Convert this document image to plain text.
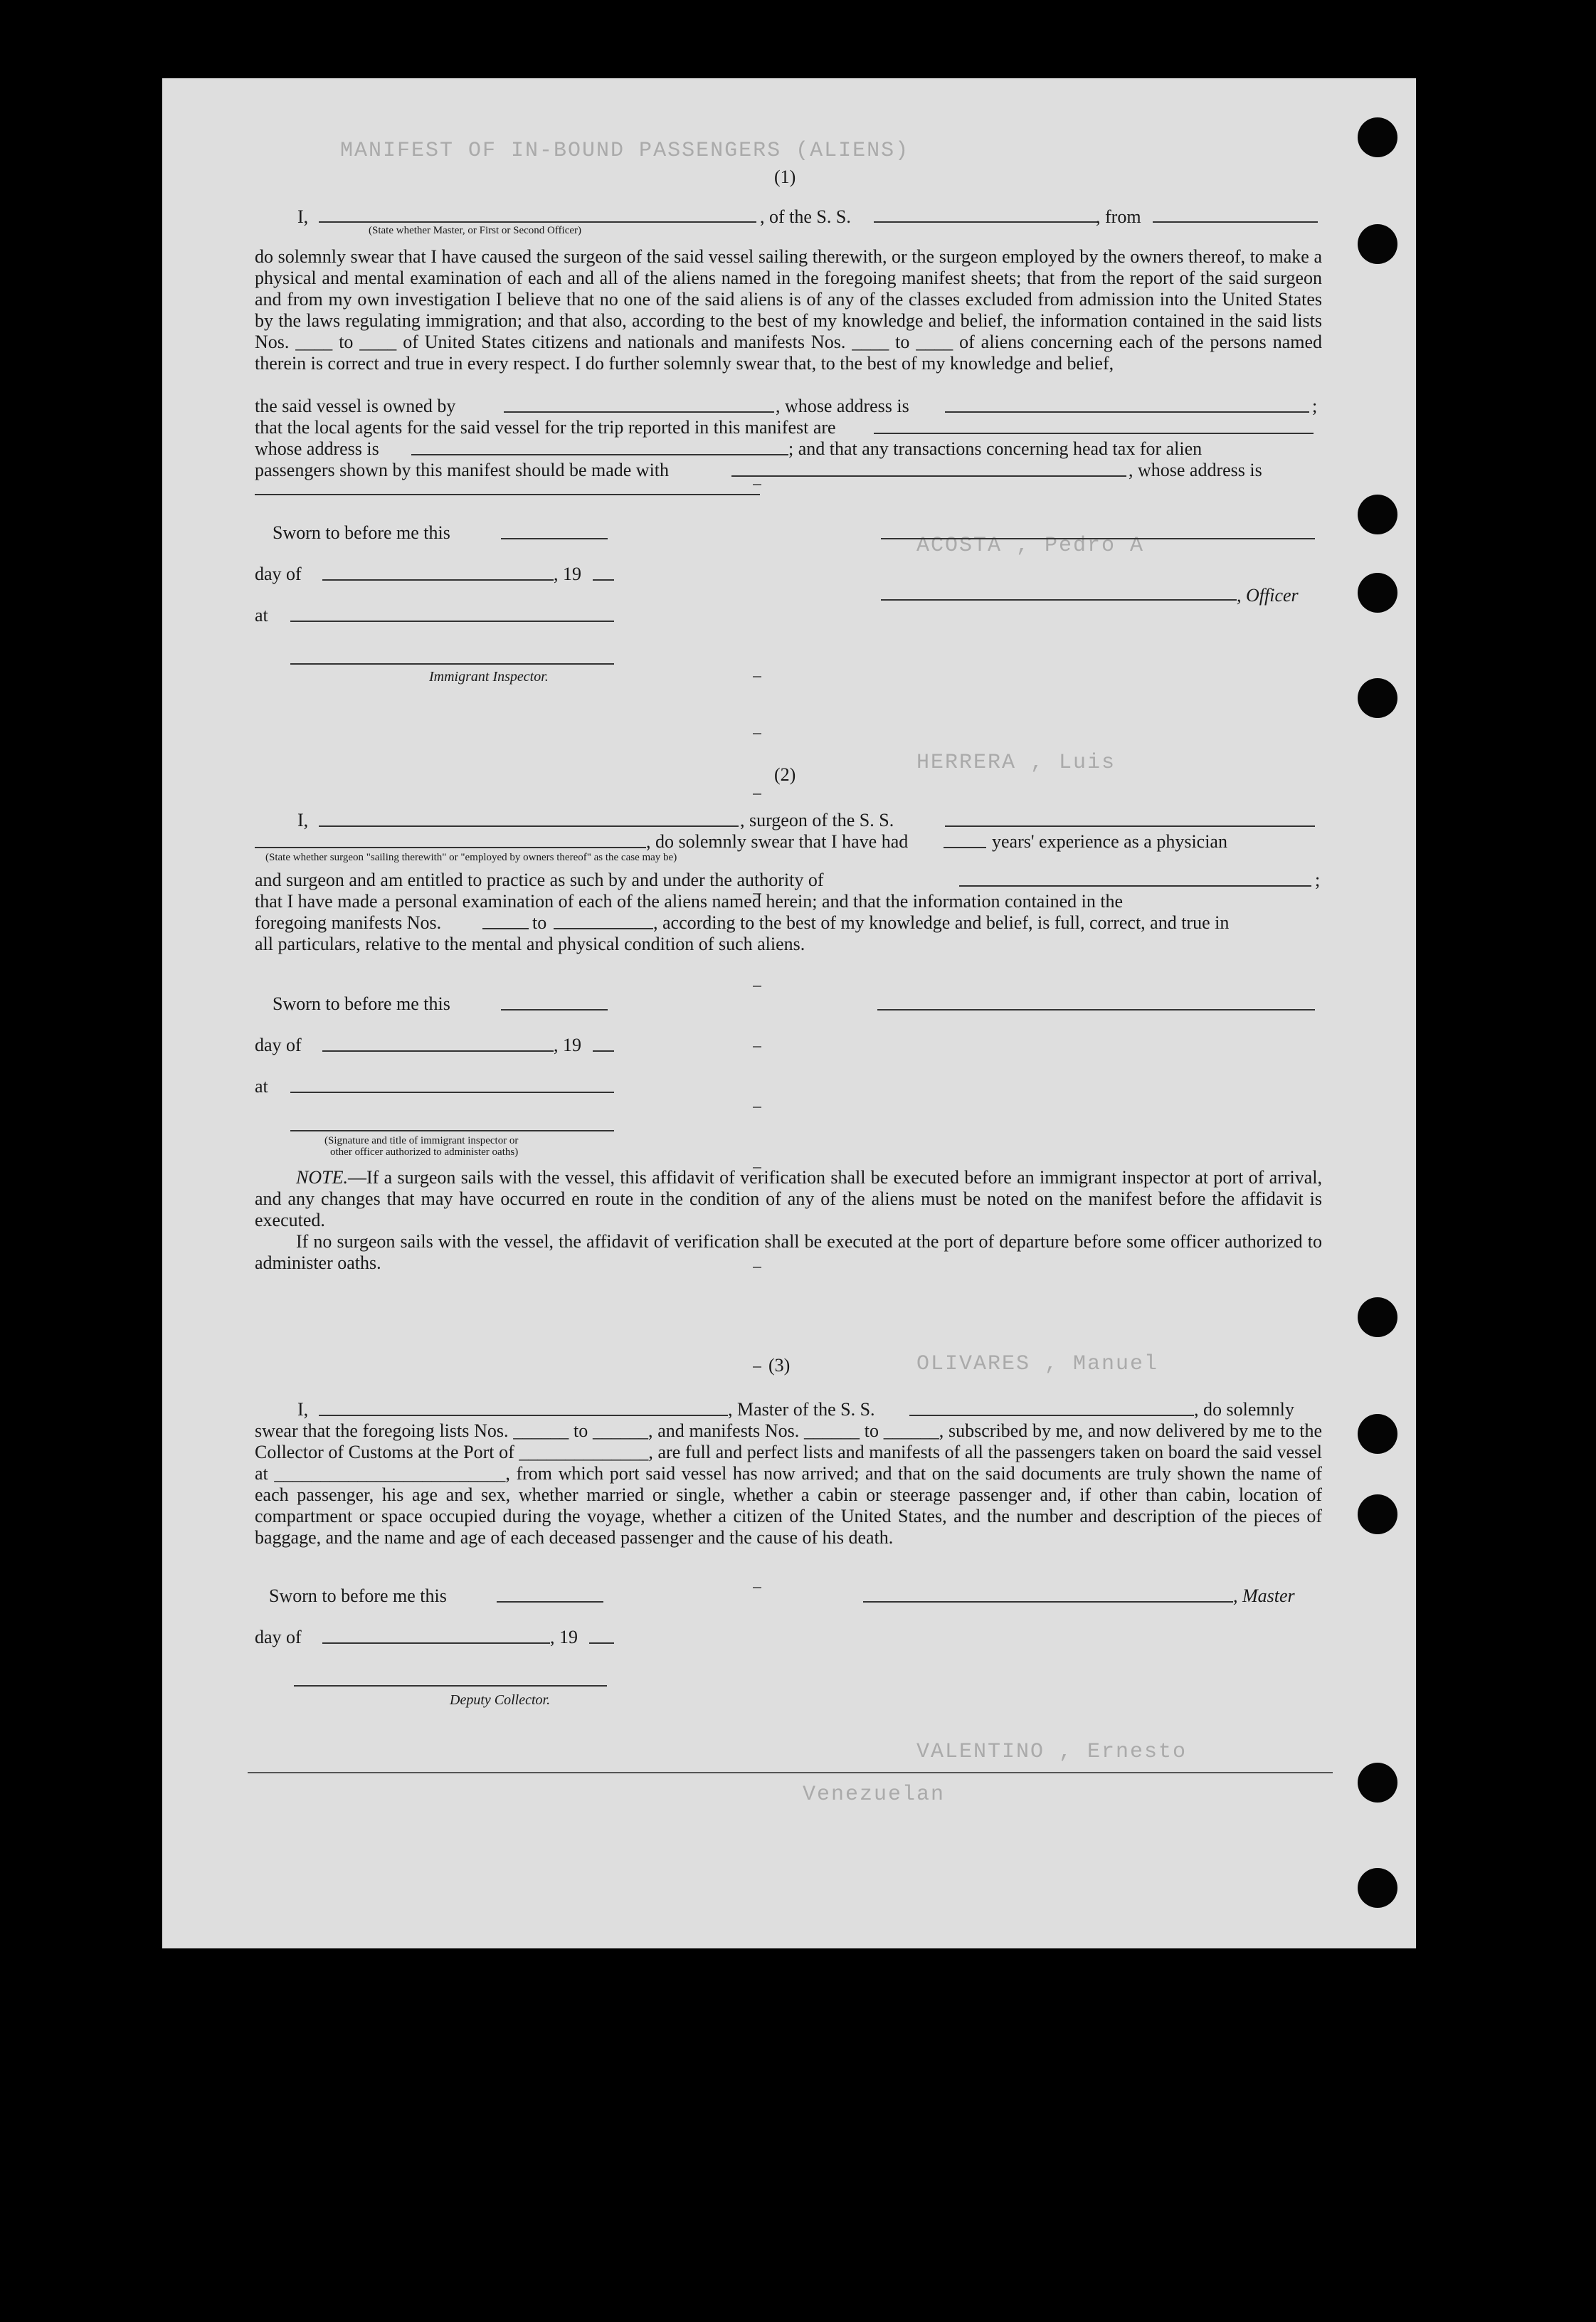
MANIFEST OF IN-BOUND PASSENGERS (ALIENS)
ACOSTA , Pedro A
HERRERA , Luis
OLIVARES , Manuel
VALENTINO , Ernesto
Venezuelan
(1)
I,	, of the S. S.	, from
(State whether Master, or First or Second Officer)
do solemnly swear that I have caused the surgeon of the said vessel sailing therewith, or the surgeon employed by the owners thereof, to make a physical and mental examination of each and all of the aliens named in the foregoing manifest sheets; that from the report of the said surgeon and from my own investigation I believe that no one of the said aliens is of any of the classes excluded from admission into the United States by the laws regulating immigration; and that also, according to the best of my knowledge and belief, the information contained in the said lists Nos. ____ to ____ of United States citizens and nationals and manifests Nos. ____ to ____ of aliens concerning each of the persons named therein is correct and true in every respect. I do further solemnly swear that, to the best of my knowledge and belief,
the said vessel is owned by	, whose address is	;
that the local agents for the said vessel for the trip reported in this manifest are
whose address is	; and that any transactions concerning head tax for alien
passengers shown by this manifest should be made with	, whose address is
Sworn to before me this
day of	, 19
, Officer
at
Immigrant Inspector.
(2)
I,	, surgeon of the S. S.
, do solemnly swear that I have had	years' experience as a physician
(State whether surgeon "sailing therewith" or "employed by owners thereof" as the case may be)
and surgeon and am entitled to practice as such by and under the authority of	;
that I have made a personal examination of each of the aliens named herein; and that the information contained in the
foregoing manifests Nos.	to	, according to the best of my knowledge and belief, is full, correct, and true in
all particulars, relative to the mental and physical condition of such aliens.
Sworn to before me this
day of	, 19
at
(Signature and title of immigrant inspector or
other officer authorized to administer oaths)
NOTE.—If a surgeon sails with the vessel, this affidavit of verification shall be executed before an immigrant inspector at port of arrival, and any changes that may have occurred en route in the condition of any of the aliens must be noted on the manifest before the affidavit is executed.
If no surgeon sails with the vessel, the affidavit of verification shall be executed at the port of departure before some officer authorized to administer oaths.
(3)
I,	, Master of the S. S.	, do solemnly
swear that the foregoing lists Nos. ______ to ______, and manifests Nos. ______ to ______, subscribed by me, and now delivered by me to the Collector of Customs at the Port of ______________, are full and perfect lists and manifests of all the passengers taken on board the said vessel at _________________________, from which port said vessel has now arrived; and that on the said documents are truly shown the name of each passenger, his age and sex, whether married or single, whether a cabin or steerage passenger and, if other than cabin, location of compartment or space occupied during the voyage, whether a citizen of the United States, and the number and description of the pieces of baggage, and the name and age of each deceased passenger and the cause of his death.
Sworn to before me this	, Master
day of	, 19
Deputy Collector.
